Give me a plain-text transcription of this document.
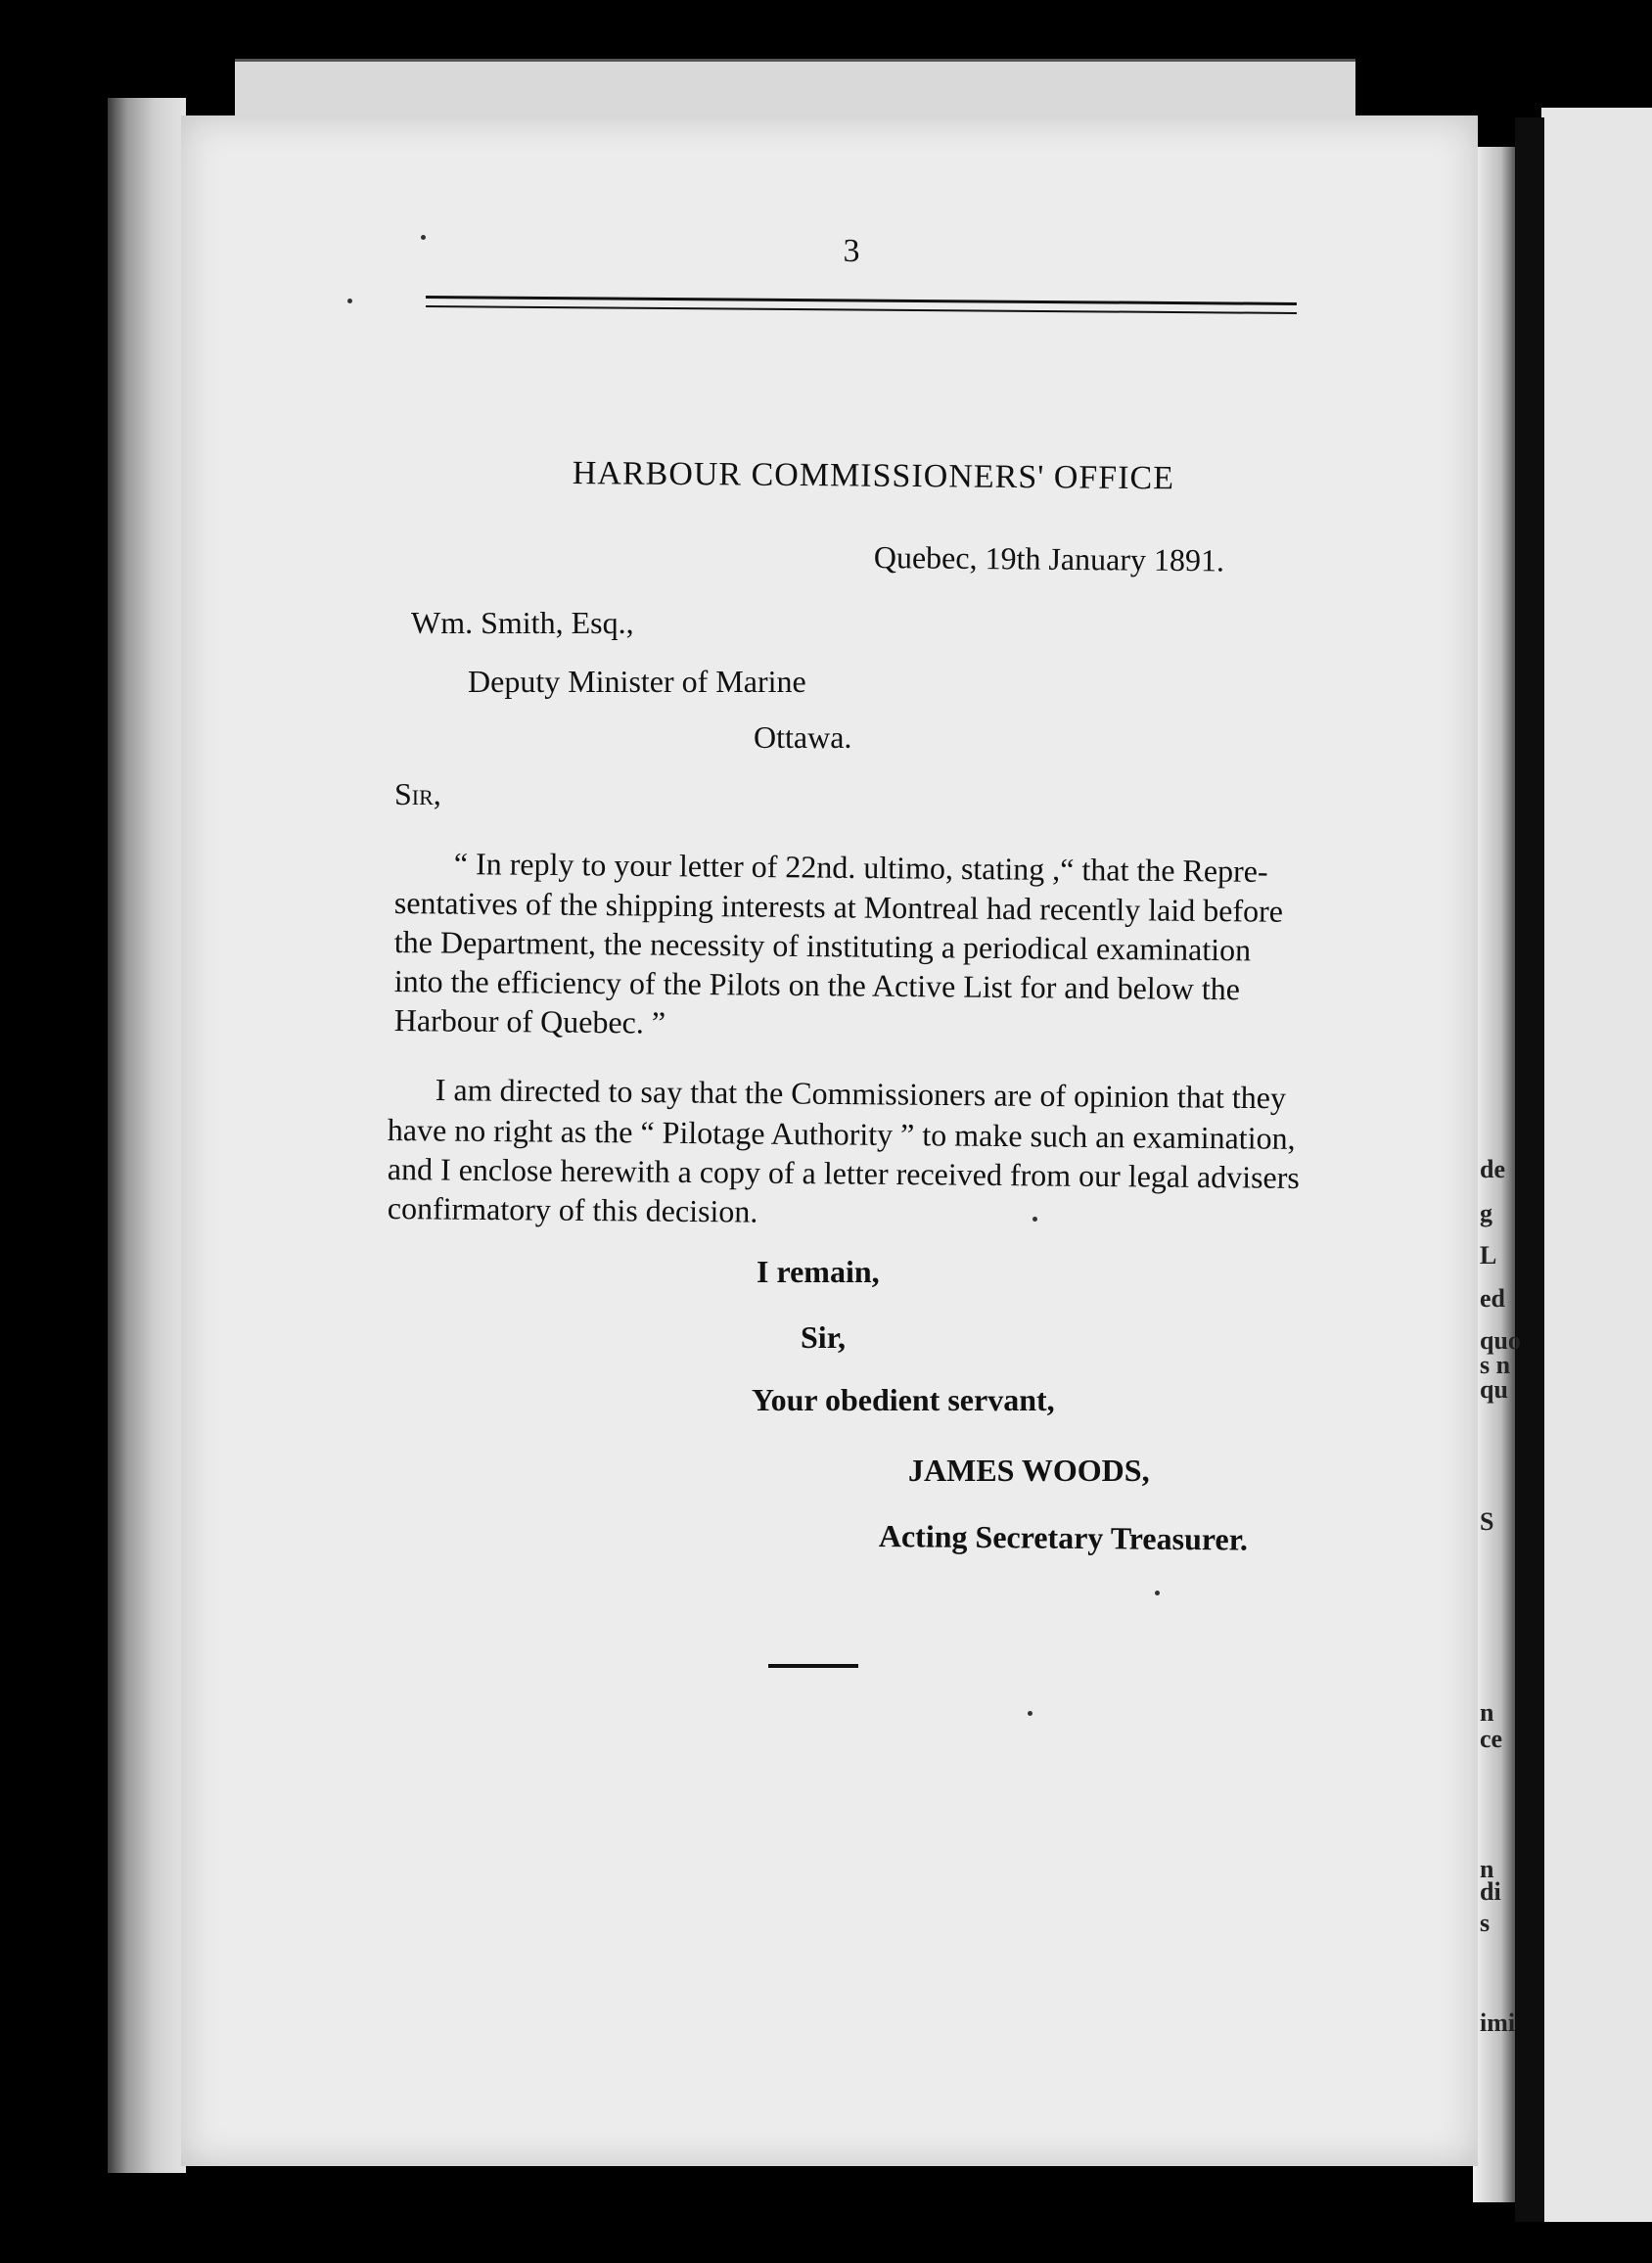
de
g
L
ed
quo
s n
qu
S
n
ce
n
di
s
imi
3
HARBOUR COMMISSIONERS' OFFICE
Quebec, 19th January 1891.
Wm. Smith, Esq.,
Deputy Minister of Marine
Ottawa.
Sir,
“ In reply to your letter of 22nd. ultimo, stating ,“ that the Repre-
sentatives of the shipping interests at Montreal had recently laid before
the Department, the necessity of instituting a periodical examination
into the efficiency of the Pilots on the Active List for and below the
Harbour of Quebec. ”
I am directed to say that the Commissioners are of opinion that they
have no right as the “ Pilotage Authority ” to make such an examination,
and I enclose herewith a copy of a letter received from our legal advisers
confirmatory of this decision.
I remain,
Sir,
Your obedient servant,
JAMES WOODS,
Acting Secretary Treasurer.
